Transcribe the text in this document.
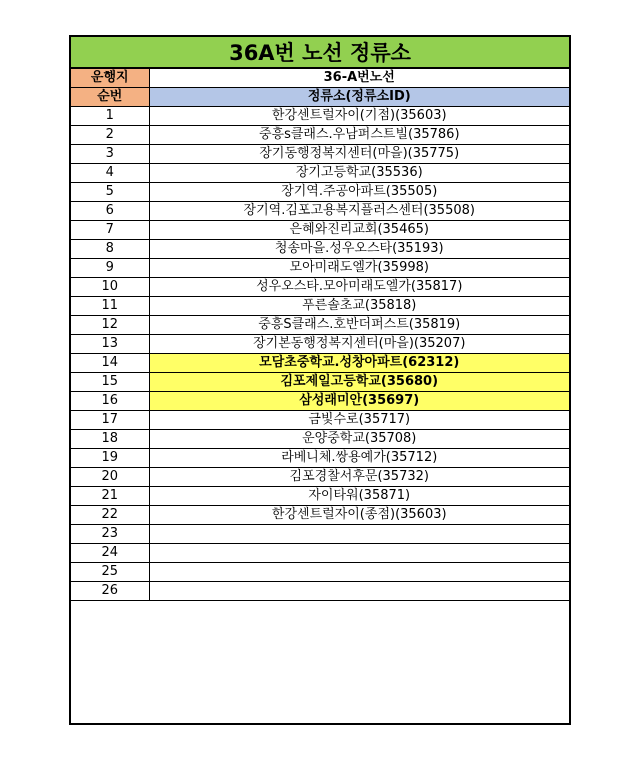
36A번 노선 정류소
운행지	36-A번노선
순번	정류소(정류소ID)
1	한강센트럴자이(기점)(35603)
2	중흥s클래스.우남퍼스트빌(35786)
3	장기동행정복지센터(마을)(35775)
4	장기고등학교(35536)
5	장기역.주공아파트(35505)
6	장기역.김포고용복지플러스센터(35508)
7	은혜와진리교회(35465)
8	청송마을.성우오스타(35193)
9	모아미래도엘가(35998)
10	성우오스타.모아미래도엘가(35817)
11	푸른솔초교(35818)
12	중흥S클래스.호반더퍼스트(35819)
13	장기본동행정복지센터(마을)(35207)
14	모담초중학교.성창아파트(62312)
15	김포제일고등학교(35680)
16	삼성래미안(35697)
17	금빛수로(35717)
18	운양중학교(35708)
19	라베니체.쌍용예가(35712)
20	김포경찰서후문(35732)
21	자이타워(35871)
22	한강센트럴자이(종점)(35603)
23	
24	
25	
26	
